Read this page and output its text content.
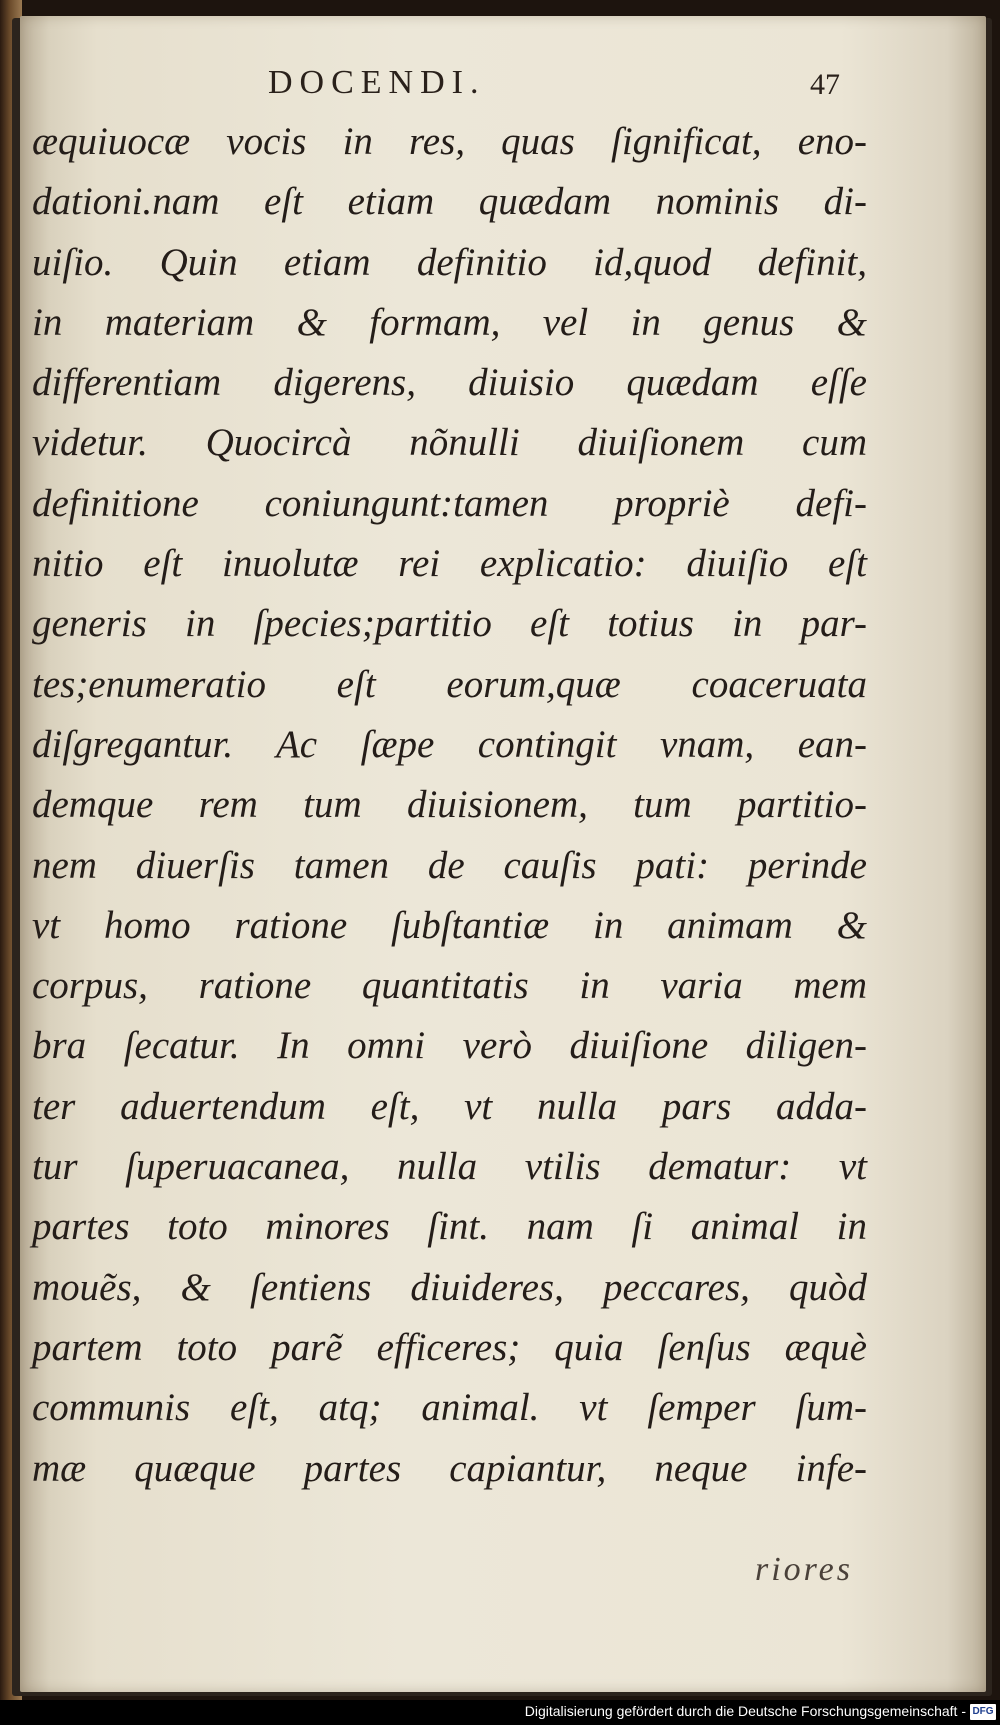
DOCENDI.	47
æquiuocæ vocis in res, quas ſignificat, eno-
dationi.nam eſt etiam quædam nominis di-
uiſio. Quin etiam definitio id,quod definit,
in materiam & formam, vel in genus &
differentiam digerens, diuisio quædam eſſe
videtur. Quocircà nõnulli diuiſionem cum
definitione coniungunt:tamen propriè defi-
nitio eſt inuolutæ rei explicatio: diuiſio eſt
generis in ſpecies;partitio eſt totius in par-
tes;enumeratio eſt eorum,quæ coaceruata
diſgregantur. Ac ſæpe contingit vnam, ean-
demque rem tum diuisionem, tum partitio-
nem diuerſis tamen de cauſis pati: perinde
vt homo ratione ſubſtantiæ in animam &
corpus, ratione quantitatis in varia mem
bra ſecatur. In omni verò diuiſione diligen-
ter aduertendum eſt, vt nulla pars adda-
tur ſuperuacanea, nulla vtilis dematur: vt
partes toto minores ſint. nam ſi animal in
mouẽs, & ſentiens diuideres, peccares, quòd
partem toto parẽ efficeres; quia ſenſus æquè
communis eſt, atq; animal. vt ſemper ſum-
mæ quæque partes capiantur, neque infe-
riores
Digitalisierung gefördert durch die Deutsche Forschungsgemeinschaft - DFG
